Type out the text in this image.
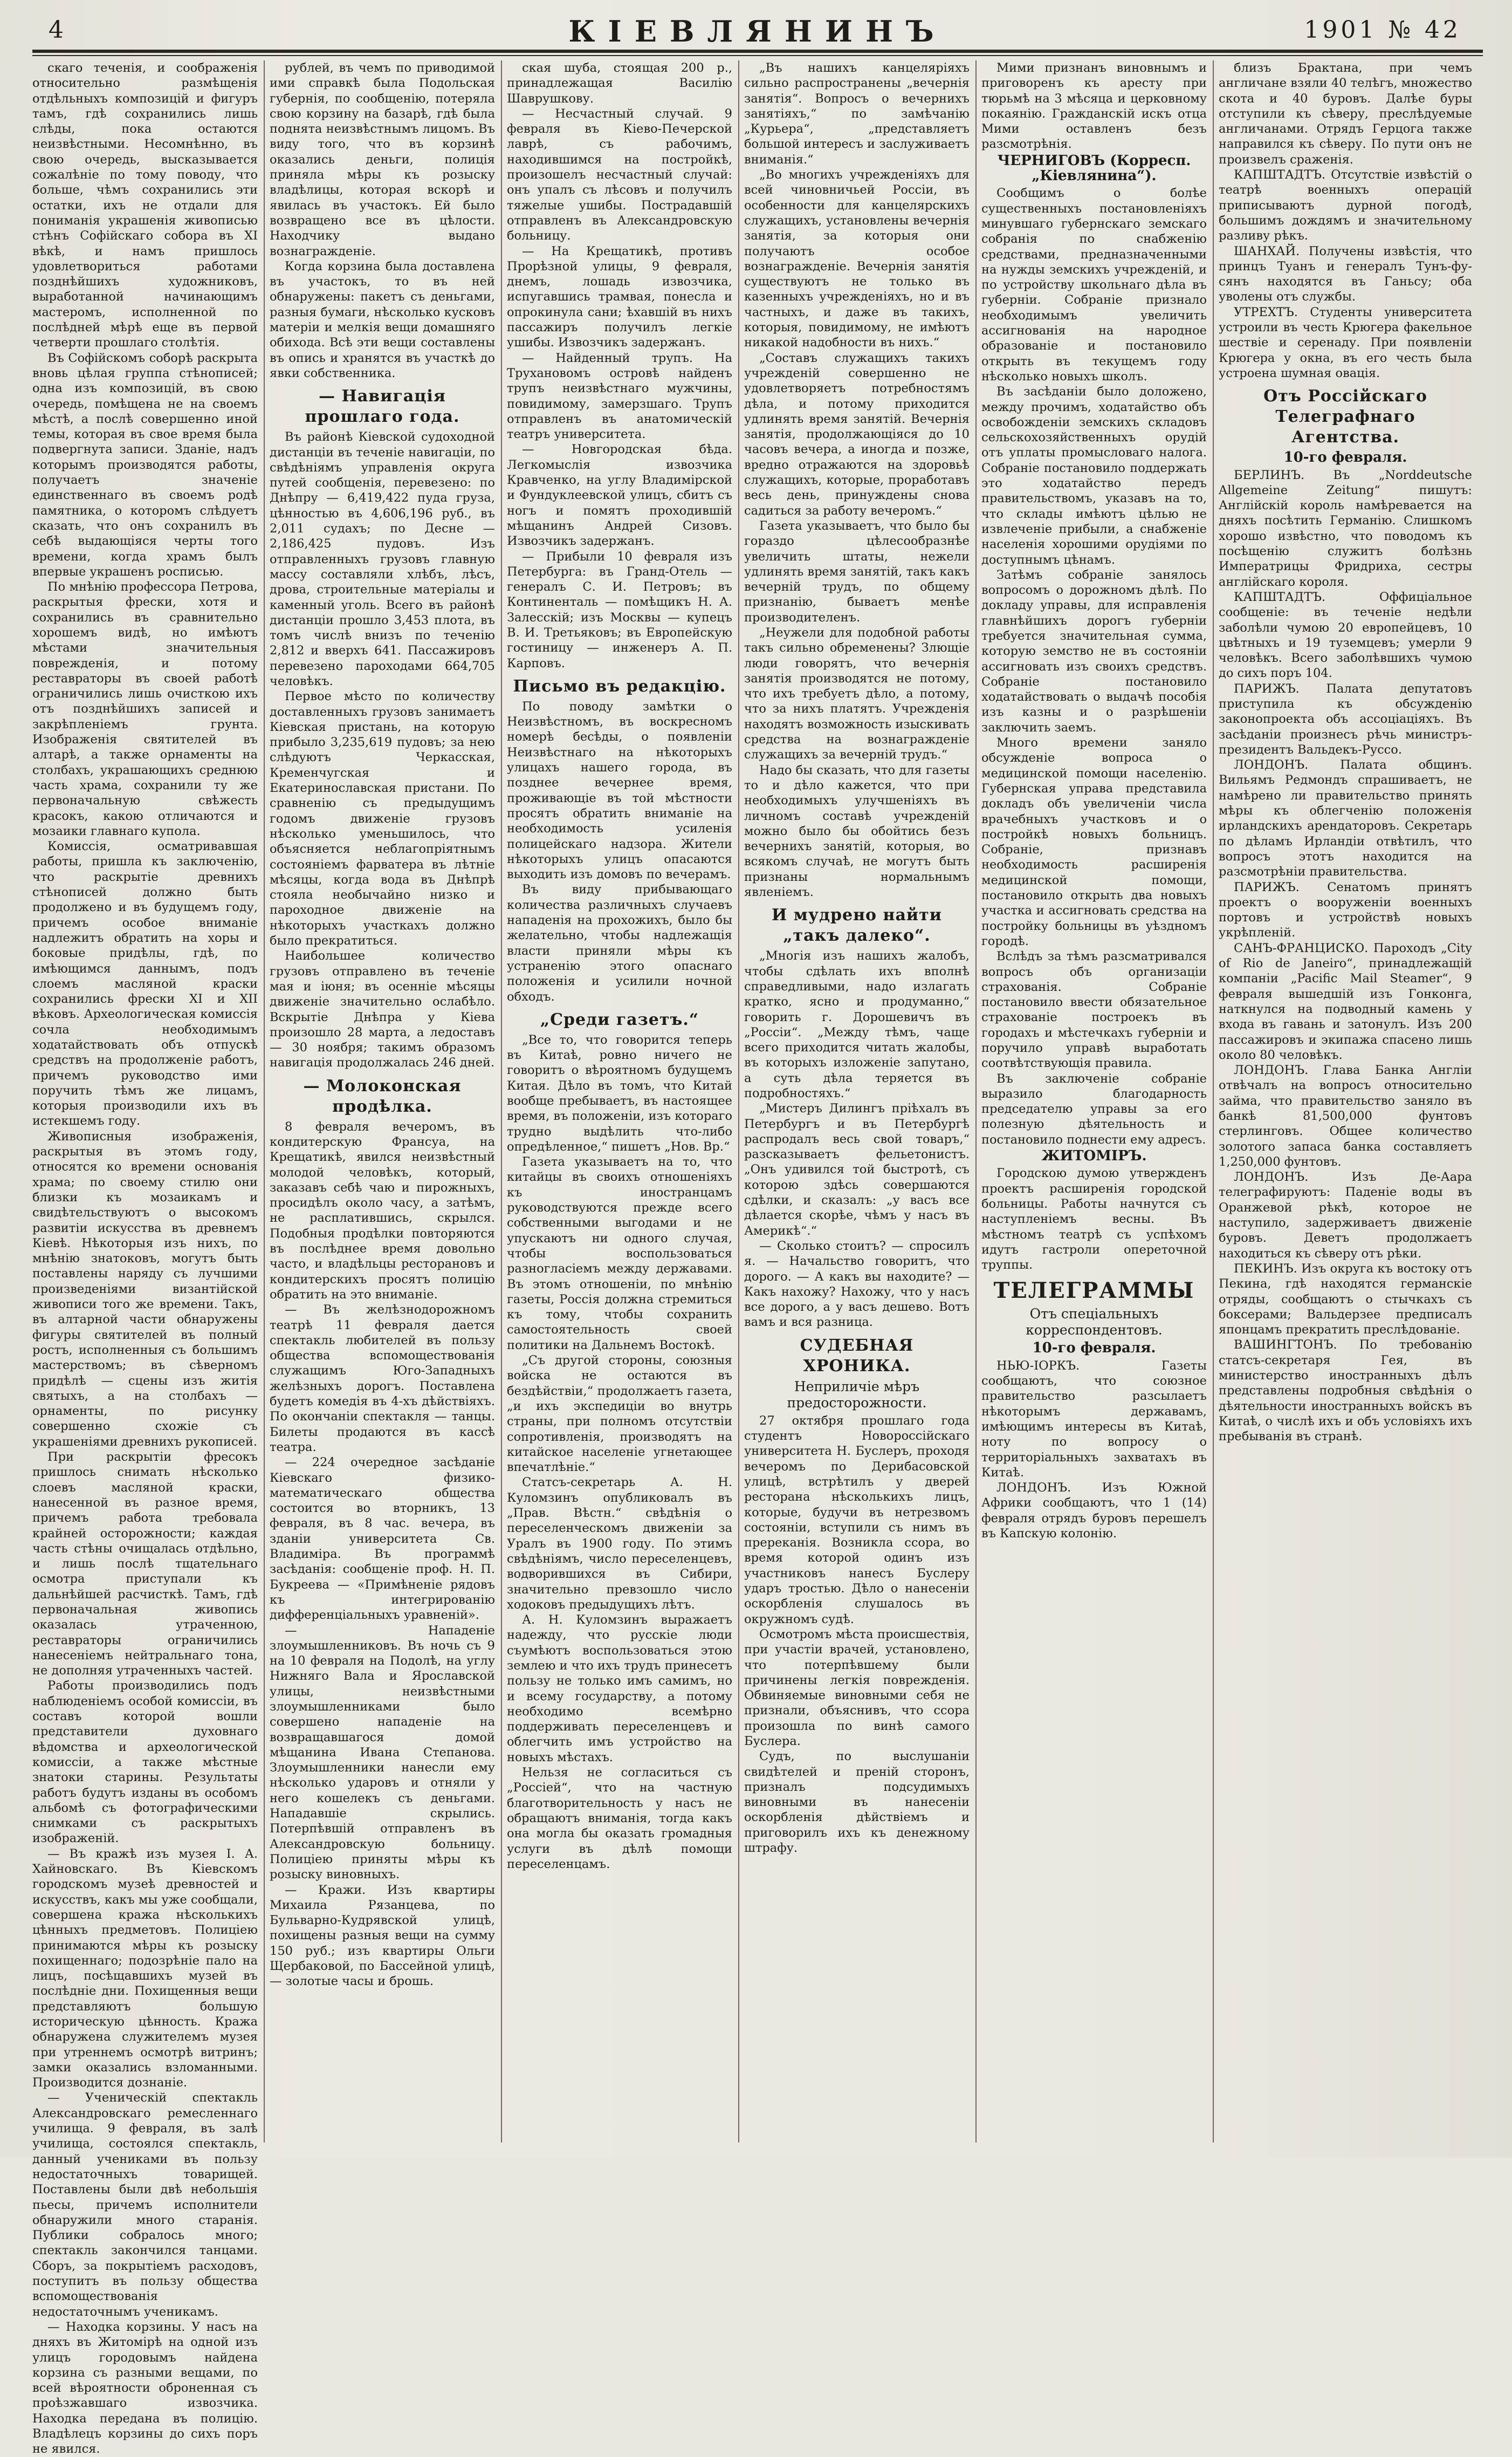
4	КІЕВЛЯНИНЪ	1901 № 42

скаго теченія, и соображенія относительно размѣщенія отдѣльныхъ композицій и фигуръ тамъ, гдѣ сохранились лишь слѣды, пока остаются неизвѣстными. Несомнѣнно, въ свою очередь, высказывается сожалѣніе по тому поводу, что больше, чѣмъ сохранились эти остатки, ихъ не отдали для пониманія украшенія живописью стѣнъ Софійскаго собора въ XI вѣкѣ, и намъ пришлось удовлетвориться работами позднѣйшихъ художниковъ, выработанной начинающимъ мастеромъ, исполненной по послѣдней мѣрѣ еще въ первой четверти прошлаго столѣтія.

Въ Софійскомъ соборѣ раскрыта вновь цѣлая группа стѣнописей; одна изъ композицій, въ свою очередь, помѣщена не на своемъ мѣстѣ, а послѣ совершенно иной темы, которая въ свое время была подвергнута записи. Зданіе, надъ которымъ производятся работы, получаетъ значеніе единственнаго въ своемъ родѣ памятника, о которомъ слѣдуетъ сказать, что онъ сохранилъ въ себѣ выдающіяся черты того времени, когда храмъ былъ впервые украшенъ росписью.

По мнѣнію профессора Петрова, раскрытыя фрески, хотя и сохранились въ сравнительно хорошемъ видѣ, но имѣютъ мѣстами значительныя поврежденія, и потому реставраторы въ своей работѣ ограничились лишь очисткою ихъ отъ позднѣйшихъ записей и закрѣпленіемъ грунта. Изображенія святителей въ алтарѣ, а также орнаменты на столбахъ, украшающихъ среднюю часть храма, сохранили ту же первоначальную свѣжесть красокъ, какою отличаются и мозаики главнаго купола.

Комиссія, осматривавшая работы, пришла къ заключенію, что раскрытіе древнихъ стѣнописей должно быть продолжено и въ будущемъ году, причемъ особое вниманіе надлежитъ обратить на хоры и боковые придѣлы, гдѣ, по имѣющимся даннымъ, подъ слоемъ масляной краски сохранились фрески XI и XII вѣковъ. Археологическая комиссія сочла необходимымъ ходатайствовать объ отпускѣ средствъ на продолженіе работъ, причемъ руководство ими поручить тѣмъ же лицамъ, которыя производили ихъ въ истекшемъ году.

Живописныя изображенія, раскрытыя въ этомъ году, относятся ко времени основанія храма; по своему стилю они близки къ мозаикамъ и свидѣтельствуютъ о высокомъ развитіи искусства въ древнемъ Кіевѣ. Нѣкоторыя изъ нихъ, по мнѣнію знатоковъ, могутъ быть поставлены наряду съ лучшими произведеніями византійской живописи того же времени. Такъ, въ алтарной части обнаружены фигуры святителей въ полный ростъ, исполненныя съ большимъ мастерствомъ; въ сѣверномъ придѣлѣ — сцены изъ житія святыхъ, а на столбахъ — орнаменты, по рисунку совершенно схожіе съ украшеніями древнихъ рукописей.

При раскрытіи фресокъ пришлось снимать нѣсколько слоевъ масляной краски, нанесенной въ разное время, причемъ работа требовала крайней осторожности; каждая часть стѣны очищалась отдѣльно, и лишь послѣ тщательнаго осмотра приступали къ дальнѣйшей расчисткѣ. Тамъ, гдѣ первоначальная живопись оказалась утраченною, реставраторы ограничились нанесеніемъ нейтральнаго тона, не дополняя утраченныхъ частей.

Работы производились подъ наблюденіемъ особой комиссіи, въ составъ которой вошли представители духовнаго вѣдомства и археологической комиссіи, а также мѣстные знатоки старины. Результаты работъ будутъ изданы въ особомъ альбомѣ съ фотографическими снимками съ раскрытыхъ изображеній.

— Въ кражѣ изъ музея І. А. Хайновскаго. Въ Кіевскомъ городскомъ музеѣ древностей и искусствъ, какъ мы уже сообщали, совершена кража нѣсколькихъ цѣнныхъ предметовъ. Полиціею принимаются мѣры къ розыску похищеннаго; подозрѣніе пало на лицъ, посѣщавшихъ музей въ послѣдніе дни. Похищенныя вещи представляютъ большую историческую цѣнность. Кража обнаружена служителемъ музея при утреннемъ осмотрѣ витринъ; замки оказались взломанными. Производится дознаніе.

— Ученическій спектакль Александровскаго ремесленнаго училища. 9 февраля, въ залѣ училища, состоялся спектакль, данный учениками въ пользу недостаточныхъ товарищей. Поставлены были двѣ небольшія пьесы, причемъ исполнители обнаружили много старанія. Публики собралось много; спектакль закончился танцами. Сборъ, за покрытіемъ расходовъ, поступитъ въ пользу общества вспомоществованія недостаточнымъ ученикамъ.

— Находка корзины. У насъ на дняхъ въ Житомірѣ на одной изъ улицъ городовымъ найдена корзина съ разными вещами, по всей вѣроятности оброненная съ проѣзжавшаго извозчика. Находка передана въ полицію. Владѣлецъ корзины до сихъ поръ не явился.

рублей, въ чемъ по приводимой ими справкѣ была Подольская губернія, по сообщенію, потеряла свою корзину на базарѣ, гдѣ была поднята неизвѣстнымъ лицомъ. Въ виду того, что въ корзинѣ оказались деньги, полиція приняла мѣры къ розыску владѣлицы, которая вскорѣ и явилась въ участокъ. Ей было возвращено все въ цѣлости. Находчику выдано вознагражденіе.

Когда корзина была доставлена въ участокъ, то въ ней обнаружены: пакетъ съ деньгами, разныя бумаги, нѣсколько кусковъ матеріи и мелкія вещи домашняго обихода. Всѣ эти вещи составлены въ опись и хранятся въ участкѣ до явки собственника.

— Навигація прошлаго года.

Въ районѣ Кіевской судоходной дистанціи въ теченіе навигаціи, по свѣдѣніямъ управленія округа путей сообщенія, перевезено: по Днѣпру — 6,419,422 пуда груза, цѣнностью въ 4,606,196 руб., въ 2,011 судахъ; по Десне — 2,186,425 пудовъ. Изъ отправленныхъ грузовъ главную массу составляли хлѣбъ, лѣсъ, дрова, строительные матеріалы и каменный уголь. Всего въ районѣ дистанціи прошло 3,453 плота, въ томъ числѣ внизъ по теченію 2,812 и вверхъ 641. Пассажировъ перевезено пароходами 664,705 человѣкъ.

Первое мѣсто по количеству доставленныхъ грузовъ занимаетъ Кіевская пристань, на которую прибыло 3,235,619 пудовъ; за нею слѣдуютъ Черкасская, Кременчугская и Екатеринославская пристани. По сравненію съ предыдущимъ годомъ движеніе грузовъ нѣсколько уменьшилось, что объясняется неблагопріятнымъ состояніемъ фарватера въ лѣтніе мѣсяцы, когда вода въ Днѣпрѣ стояла необычайно низко и пароходное движеніе на нѣкоторыхъ участкахъ должно было прекратиться.

Наибольшее количество грузовъ отправлено въ теченіе мая и іюня; въ осенніе мѣсяцы движеніе значительно ослабѣло. Вскрытіе Днѣпра у Кіева произошло 28 марта, а ледоставъ — 30 ноября; такимъ образомъ навигація продолжалась 246 дней.

— Молоконская продѣлка.

8 февраля вечеромъ, въ кондитерскую Франсуа, на Крещатикѣ, явился неизвѣстный молодой человѣкъ, который, заказавъ себѣ чаю и пирожныхъ, просидѣлъ около часу, а затѣмъ, не расплатившись, скрылся. Подобныя продѣлки повторяются въ послѣднее время довольно часто, и владѣльцы ресторановъ и кондитерскихъ просятъ полицію обратить на это вниманіе.

— Въ желѣзнодорожномъ театрѣ 11 февраля дается спектакль любителей въ пользу общества вспомоществованія служащимъ Юго-Западныхъ желѣзныхъ дорогъ. Поставлена будетъ комедія въ 4-хъ дѣйствіяхъ. По окончаніи спектакля — танцы. Билеты продаются въ кассѣ театра.

— 224 очередное засѣданіе Кіевскаго физико-математическаго общества состоится во вторникъ, 13 февраля, въ 8 час. вечера, въ зданіи университета Св. Владиміра. Въ программѣ засѣданія: сообщеніе проф. Н. П. Букреева — «Примѣненіе рядовъ къ интегрированію дифференціальныхъ уравненій».

— Нападеніе злоумышленниковъ. Въ ночь съ 9 на 10 февраля на Подолѣ, на углу Нижняго Вала и Ярославской улицы, неизвѣстными злоумышленниками было совершено нападеніе на возвращавшагося домой мѣщанина Ивана Степанова. Злоумышленники нанесли ему нѣсколько ударовъ и отняли у него кошелекъ съ деньгами. Нападавшіе скрылись. Потерпѣвшій отправленъ въ Александровскую больницу. Полиціею приняты мѣры къ розыску виновныхъ.

— Кражи. Изъ квартиры Михаила Рязанцева, по Бульварно-Кудрявской улицѣ, похищены разныя вещи на сумму 150 руб.; изъ квартиры Ольги Щербаковой, по Бассейной улицѣ, — золотые часы и брошь.

ская шуба, стоящая 200 р., принадлежащая Василію Шаврушкову.

— Несчастный случай. 9 февраля въ Кіево-Печерской лаврѣ, съ рабочимъ, находившимся на постройкѣ, произошелъ несчастный случай: онъ упалъ съ лѣсовъ и получилъ тяжелые ушибы. Пострадавшій отправленъ въ Александровскую больницу.

— На Крещатикѣ, противъ Прорѣзной улицы, 9 февраля, днемъ, лошадь извозчика, испугавшись трамвая, понесла и опрокинула сани; ѣхавшій въ нихъ пассажиръ получилъ легкіе ушибы. Извозчикъ задержанъ.

— Найденный трупъ. На Трухановомъ островѣ найденъ трупъ неизвѣстнаго мужчины, повидимому, замерзшаго. Трупъ отправленъ въ анатомическій театръ университета.

— Новгородская бѣда. Легкомыслія извозчика Кравченко, на углу Владимірской и Фундуклеевской улицъ, сбитъ съ ногъ и помятъ проходившій мѣщанинъ Андрей Сизовъ. Извозчикъ задержанъ.

— Прибыли 10 февраля изъ Петербурга: въ Гранд-Отель — генералъ С. И. Петровъ; въ Континенталь — помѣщикъ Н. А. Залесскій; изъ Москвы — купецъ В. И. Третьяковъ; въ Европейскую гостиницу — инженеръ А. П. Карповъ.

Письмо въ редакцію.

По поводу замѣтки о Неизвѣстномъ, въ воскресномъ номерѣ бесѣды, о появленіи Неизвѣстнаго на нѣкоторыхъ улицахъ нашего города, въ позднее вечернее время, проживающіе въ той мѣстности просятъ обратить вниманіе на необходимость усиленія полицейскаго надзора. Жители нѣкоторыхъ улицъ опасаются выходить изъ домовъ по вечерамъ.

Въ виду прибывающаго количества различныхъ случаевъ нападенія на прохожихъ, было бы желательно, чтобы надлежащія власти приняли мѣры къ устраненію этого опаснаго положенія и усилили ночной обходъ.

„Среди газетъ.“

„Все то, что говорится теперь въ Китаѣ, ровно ничего не говоритъ о вѣроятномъ будущемъ Китая. Дѣло въ томъ, что Китай вообще пребываетъ, въ настоящее время, въ положеніи, изъ котораго трудно выдѣлить что-либо опредѣленное,“ пишетъ „Нов. Вр.“

Газета указываетъ на то, что китайцы въ своихъ отношеніяхъ къ иностранцамъ руководствуются прежде всего собственными выгодами и не упускаютъ ни одного случая, чтобы воспользоваться разногласіемъ между державами. Въ этомъ отношеніи, по мнѣнію газеты, Россія должна стремиться къ тому, чтобы сохранить самостоятельность своей политики на Дальнемъ Востокѣ.

„Съ другой стороны, союзныя войска не остаются въ бездѣйствіи,“ продолжаетъ газета, „и ихъ экспедиціи во внутрь страны, при полномъ отсутствіи сопротивленія, производятъ на китайское населеніе угнетающее впечатлѣніе.“

Статсъ-секретарь А. Н. Куломзинъ опубликовалъ въ „Прав. Вѣстн.“ свѣдѣнія о переселенческомъ движеніи за Уралъ въ 1900 году. По этимъ свѣдѣніямъ, число переселенцевъ, водворившихся въ Сибири, значительно превзошло число ходоковъ предыдущихъ лѣтъ.

А. Н. Куломзинъ выражаетъ надежду, что русскіе люди съумѣютъ воспользоваться этою землею и что ихъ трудъ принесетъ пользу не только имъ самимъ, но и всему государству, а потому необходимо всемѣрно поддерживать переселенцевъ и облегчить имъ устройство на новыхъ мѣстахъ.

Нельзя не согласиться съ „Россіей“, что на частную благотворительность у насъ не обращаютъ вниманія, тогда какъ она могла бы оказать громадныя услуги въ дѣлѣ помощи переселенцамъ.

„Въ нашихъ канцеляріяхъ сильно распространены „вечернія занятія“. Вопросъ о вечернихъ занятіяхъ,“ по замѣчанію „Курьера“, „представляетъ большой интересъ и заслуживаетъ вниманія.“

„Во многихъ учрежденіяхъ для всей чиновничьей Россіи, въ особенности для канцелярскихъ служащихъ, установлены вечернія занятія, за которыя они получаютъ особое вознагражденіе. Вечернія занятія существуютъ не только въ казенныхъ учрежденіяхъ, но и въ частныхъ, и даже въ такихъ, которыя, повидимому, не имѣютъ никакой надобности въ нихъ.“

„Составъ служащихъ такихъ учрежденій совершенно не удовлетворяетъ потребностямъ дѣла, и потому приходится удлинять время занятій. Вечернія занятія, продолжающіяся до 10 часовъ вечера, а иногда и позже, вредно отражаются на здоровьѣ служащихъ, которые, проработавъ весь день, принуждены снова садиться за работу вечеромъ.“

Газета указываетъ, что было бы гораздо цѣлесообразнѣе увеличить штаты, нежели удлинять время занятій, такъ какъ вечерній трудъ, по общему признанію, бываетъ менѣе производителенъ.

„Неужели для подобной работы такъ сильно обременены? Злющіе люди говорятъ, что вечернія занятія производятся не потому, что ихъ требуетъ дѣло, а потому, что за нихъ платятъ. Учрежденія находятъ возможность изыскивать средства на вознагражденіе служащихъ за вечерній трудъ.“

Надо бы сказать, что для газеты то и дѣло кажется, что при необходимыхъ улучшеніяхъ въ личномъ составѣ учрежденій можно было бы обойтись безъ вечернихъ занятій, которыя, во всякомъ случаѣ, не могутъ быть признаны нормальнымъ явленіемъ.

И мудрено найти „такъ далеко“.

„Многія изъ нашихъ жалобъ, чтобы сдѣлать ихъ вполнѣ справедливыми, надо излагать кратко, ясно и продуманно,“ говорить г. Дорошевичъ въ „Россіи“. „Между тѣмъ, чаще всего приходится читать жалобы, въ которыхъ изложеніе запутано, а суть дѣла теряется въ подробностяхъ.“

„Мистеръ Дилингъ пріѣхалъ въ Петербургъ и въ Петербургѣ распродалъ весь свой товаръ,“ разсказываетъ фельетонистъ. „Онъ удивился той быстротѣ, съ которою здѣсь совершаются сдѣлки, и сказалъ: „у васъ все дѣлается скорѣе, чѣмъ у насъ въ Америкѣ“.“

— Сколько стоитъ? — спросилъ я. — Начальство говоритъ, что дорого. — А какъ вы находите? — Какъ нахожу? Нахожу, что у насъ все дорого, а у васъ дешево. Вотъ вамъ и вся разница.

СУДЕБНАЯ ХРОНИКА.
Неприличіе мѣръ предосторожности.

27 октября прошлаго года студентъ Новороссійскаго университета Н. Буслеръ, проходя вечеромъ по Дерибасовской улицѣ, встрѣтилъ у дверей ресторана нѣсколькихъ лицъ, которые, будучи въ нетрезвомъ состояніи, вступили съ нимъ въ пререканія. Возникла ссора, во время которой одинъ изъ участниковъ нанесъ Буслеру ударъ тростью. Дѣло о нанесеніи оскорбленія слушалось въ окружномъ судѣ.

Осмотромъ мѣста происшествія, при участіи врачей, установлено, что потерпѣвшему были причинены легкія поврежденія. Обвиняемые виновными себя не признали, объяснивъ, что ссора произошла по винѣ самого Буслера.

Судъ, по выслушаніи свидѣтелей и преній сторонъ, призналъ подсудимыхъ виновными въ нанесеніи оскорбленія дѣйствіемъ и приговорилъ ихъ къ денежному штрафу.

Мими признанъ виновнымъ и приговоренъ къ аресту при тюрьмѣ на 3 мѣсяца и церковному покаянію. Гражданскій искъ отца Мими оставленъ безъ разсмотрѣнія.

ЧЕРНИГОВЪ (Корресп. „Кіевлянина“).

Сообщимъ о болѣе существенныхъ постановленіяхъ минувшаго губернскаго земскаго собранія по снабженію средствами, предназначенными на нужды земскихъ учрежденій, и по устройству школьнаго дѣла въ губерніи. Собраніе признало необходимымъ увеличить ассигнованія на народное образованіе и постановило открыть въ текущемъ году нѣсколько новыхъ школъ.

Въ засѣданіи было доложено, между прочимъ, ходатайство объ освобожденіи земскихъ складовъ сельскохозяйственныхъ орудій отъ уплаты промысловаго налога. Собраніе постановило поддержать это ходатайство передъ правительствомъ, указавъ на то, что склады имѣютъ цѣлью не извлеченіе прибыли, а снабженіе населенія хорошими орудіями по доступнымъ цѣнамъ.

Затѣмъ собраніе занялось вопросомъ о дорожномъ дѣлѣ. По докладу управы, для исправленія главнѣйшихъ дорогъ губерніи требуется значительная сумма, которую земство не въ состояніи ассигновать изъ своихъ средствъ. Собраніе постановило ходатайствовать о выдачѣ пособія изъ казны и о разрѣшеніи заключить заемъ.

Много времени заняло обсужденіе вопроса о медицинской помощи населенію. Губернская управа представила докладъ объ увеличеніи числа врачебныхъ участковъ и о постройкѣ новыхъ больницъ. Собраніе, признавъ необходимость расширенія медицинской помощи, постановило открыть два новыхъ участка и ассигновать средства на постройку больницы въ уѣздномъ городѣ.

Вслѣдъ за тѣмъ разсматривался вопросъ объ организаціи страхованія. Собраніе постановило ввести обязательное страхованіе построекъ въ городахъ и мѣстечкахъ губерніи и поручило управѣ выработать соотвѣтствующія правила.

Въ заключеніе собраніе выразило благодарность председателю управы за его полезную дѣятельность и постановило поднести ему адресъ.

ЖИТОМІРЪ.

Городскою думою утвержденъ проектъ расширенія городской больницы. Работы начнутся съ наступленіемъ весны. Въ мѣстномъ театрѣ съ успѣхомъ идутъ гастроли опереточной труппы.

ТЕЛЕГРАММЫ
Отъ спеціальныхъ корреспондентовъ.
10-го февраля.

НЬЮ-ІОРКЪ. Газеты сообщаютъ, что союзное правительство разсылаетъ нѣкоторымъ державамъ, имѣющимъ интересы въ Китаѣ, ноту по вопросу о территоріальныхъ захватахъ въ Китаѣ.

ЛОНДОНЪ. Изъ Южной Африки сообщаютъ, что 1 (14) февраля отрядъ буровъ перешелъ въ Капскую колонію.

близъ Брактана, при чемъ англичане взяли 40 телѣгъ, множество скота и 40 буровъ. Далѣе буры отступили къ сѣверу, преслѣдуемые англичанами. Отрядъ Герцога также направился къ сѣверу. По пути онъ не произвелъ сраженія.

КАПШТАДТЪ. Отсутствіе извѣстій о театрѣ военныхъ операцій приписываютъ дурной погодѣ, большимъ дождямъ и значительному разливу рѣкъ.

ШАНХАЙ. Получены извѣстія, что принцъ Туанъ и генералъ Тунъ-фу-сянъ находятся въ Ганьсу; оба уволены отъ службы.

УТРЕХТЪ. Студенты университета устроили въ честь Крюгера факельное шествіе и серенаду. При появленіи Крюгера у окна, въ его честь была устроена шумная овація.

Отъ Россійскаго Телеграфнаго Агентства.
10-го февраля.

БЕРЛИНЪ. Въ „Norddeutsche Allgemeine Zeitung“ пишутъ: Англійскій король намѣревается на дняхъ посѣтить Германію. Слишкомъ хорошо извѣстно, что поводомъ къ посѣщенію служитъ болѣзнь Императрицы Фридриха, сестры англійскаго короля.

КАПШТАДТЪ. Оффиціальное сообщеніе: въ теченіе недѣли заболѣли чумою 20 европейцевъ, 10 цвѣтныхъ и 19 туземцевъ; умерли 9 человѣкъ. Всего заболѣвшихъ чумою до сихъ поръ 104.

ПАРИЖЪ. Палата депутатовъ приступила къ обсужденію законопроекта объ ассоціаціяхъ. Въ засѣданіи произнесъ рѣчь министръ-президентъ Вальдекъ-Руссо.

ЛОНДОНЪ. Палата общинъ. Вильямъ Редмондъ спрашиваетъ, не намѣрено ли правительство принять мѣры къ облегченію положенія ирландскихъ арендаторовъ. Секретарь по дѣламъ Ирландіи отвѣтилъ, что вопросъ этотъ находится на разсмотрѣніи правительства.

ПАРИЖЪ. Сенатомъ принятъ проектъ о вооруженіи военныхъ портовъ и устройствѣ новыхъ укрѣпленій.

САНЪ-ФРАНЦИСКО. Пароходъ „City of Rio de Janeiro“, принадлежащій компаніи „Pacific Mail Steamer“, 9 февраля вышедшій изъ Гонконга, наткнулся на подводный камень у входа въ гавань и затонулъ. Изъ 200 пассажировъ и экипажа спасено лишь около 80 человѣкъ.

ЛОНДОНЪ. Глава Банка Англіи отвѣчалъ на вопросъ относительно займа, что правительство заняло въ банкѣ 81,500,000 фунтовъ стерлинговъ. Общее количество золотого запаса банка составляетъ 1,250,000 фунтовъ.

ЛОНДОНЪ. Изъ Де-Аара телеграфируютъ: Паденіе воды въ Оранжевой рѣкѣ, которое не наступило, задерживаетъ движеніе буровъ. Деветъ продолжаетъ находиться къ сѣверу отъ рѣки.

ПЕКИНЪ. Изъ округа къ востоку отъ Пекина, гдѣ находятся германскіе отряды, сообщаютъ о стычкахъ съ боксерами; Вальдерзее предписалъ японцамъ прекратить преслѣдованіе.

ВАШИНГТОНЪ. По требованію статсъ-секретаря Гея, въ министерство иностранныхъ дѣлъ представлены подробныя свѣдѣнія о дѣятельности иностранныхъ войскъ въ Китаѣ, о числѣ ихъ и объ условіяхъ ихъ пребыванія въ странѣ.
